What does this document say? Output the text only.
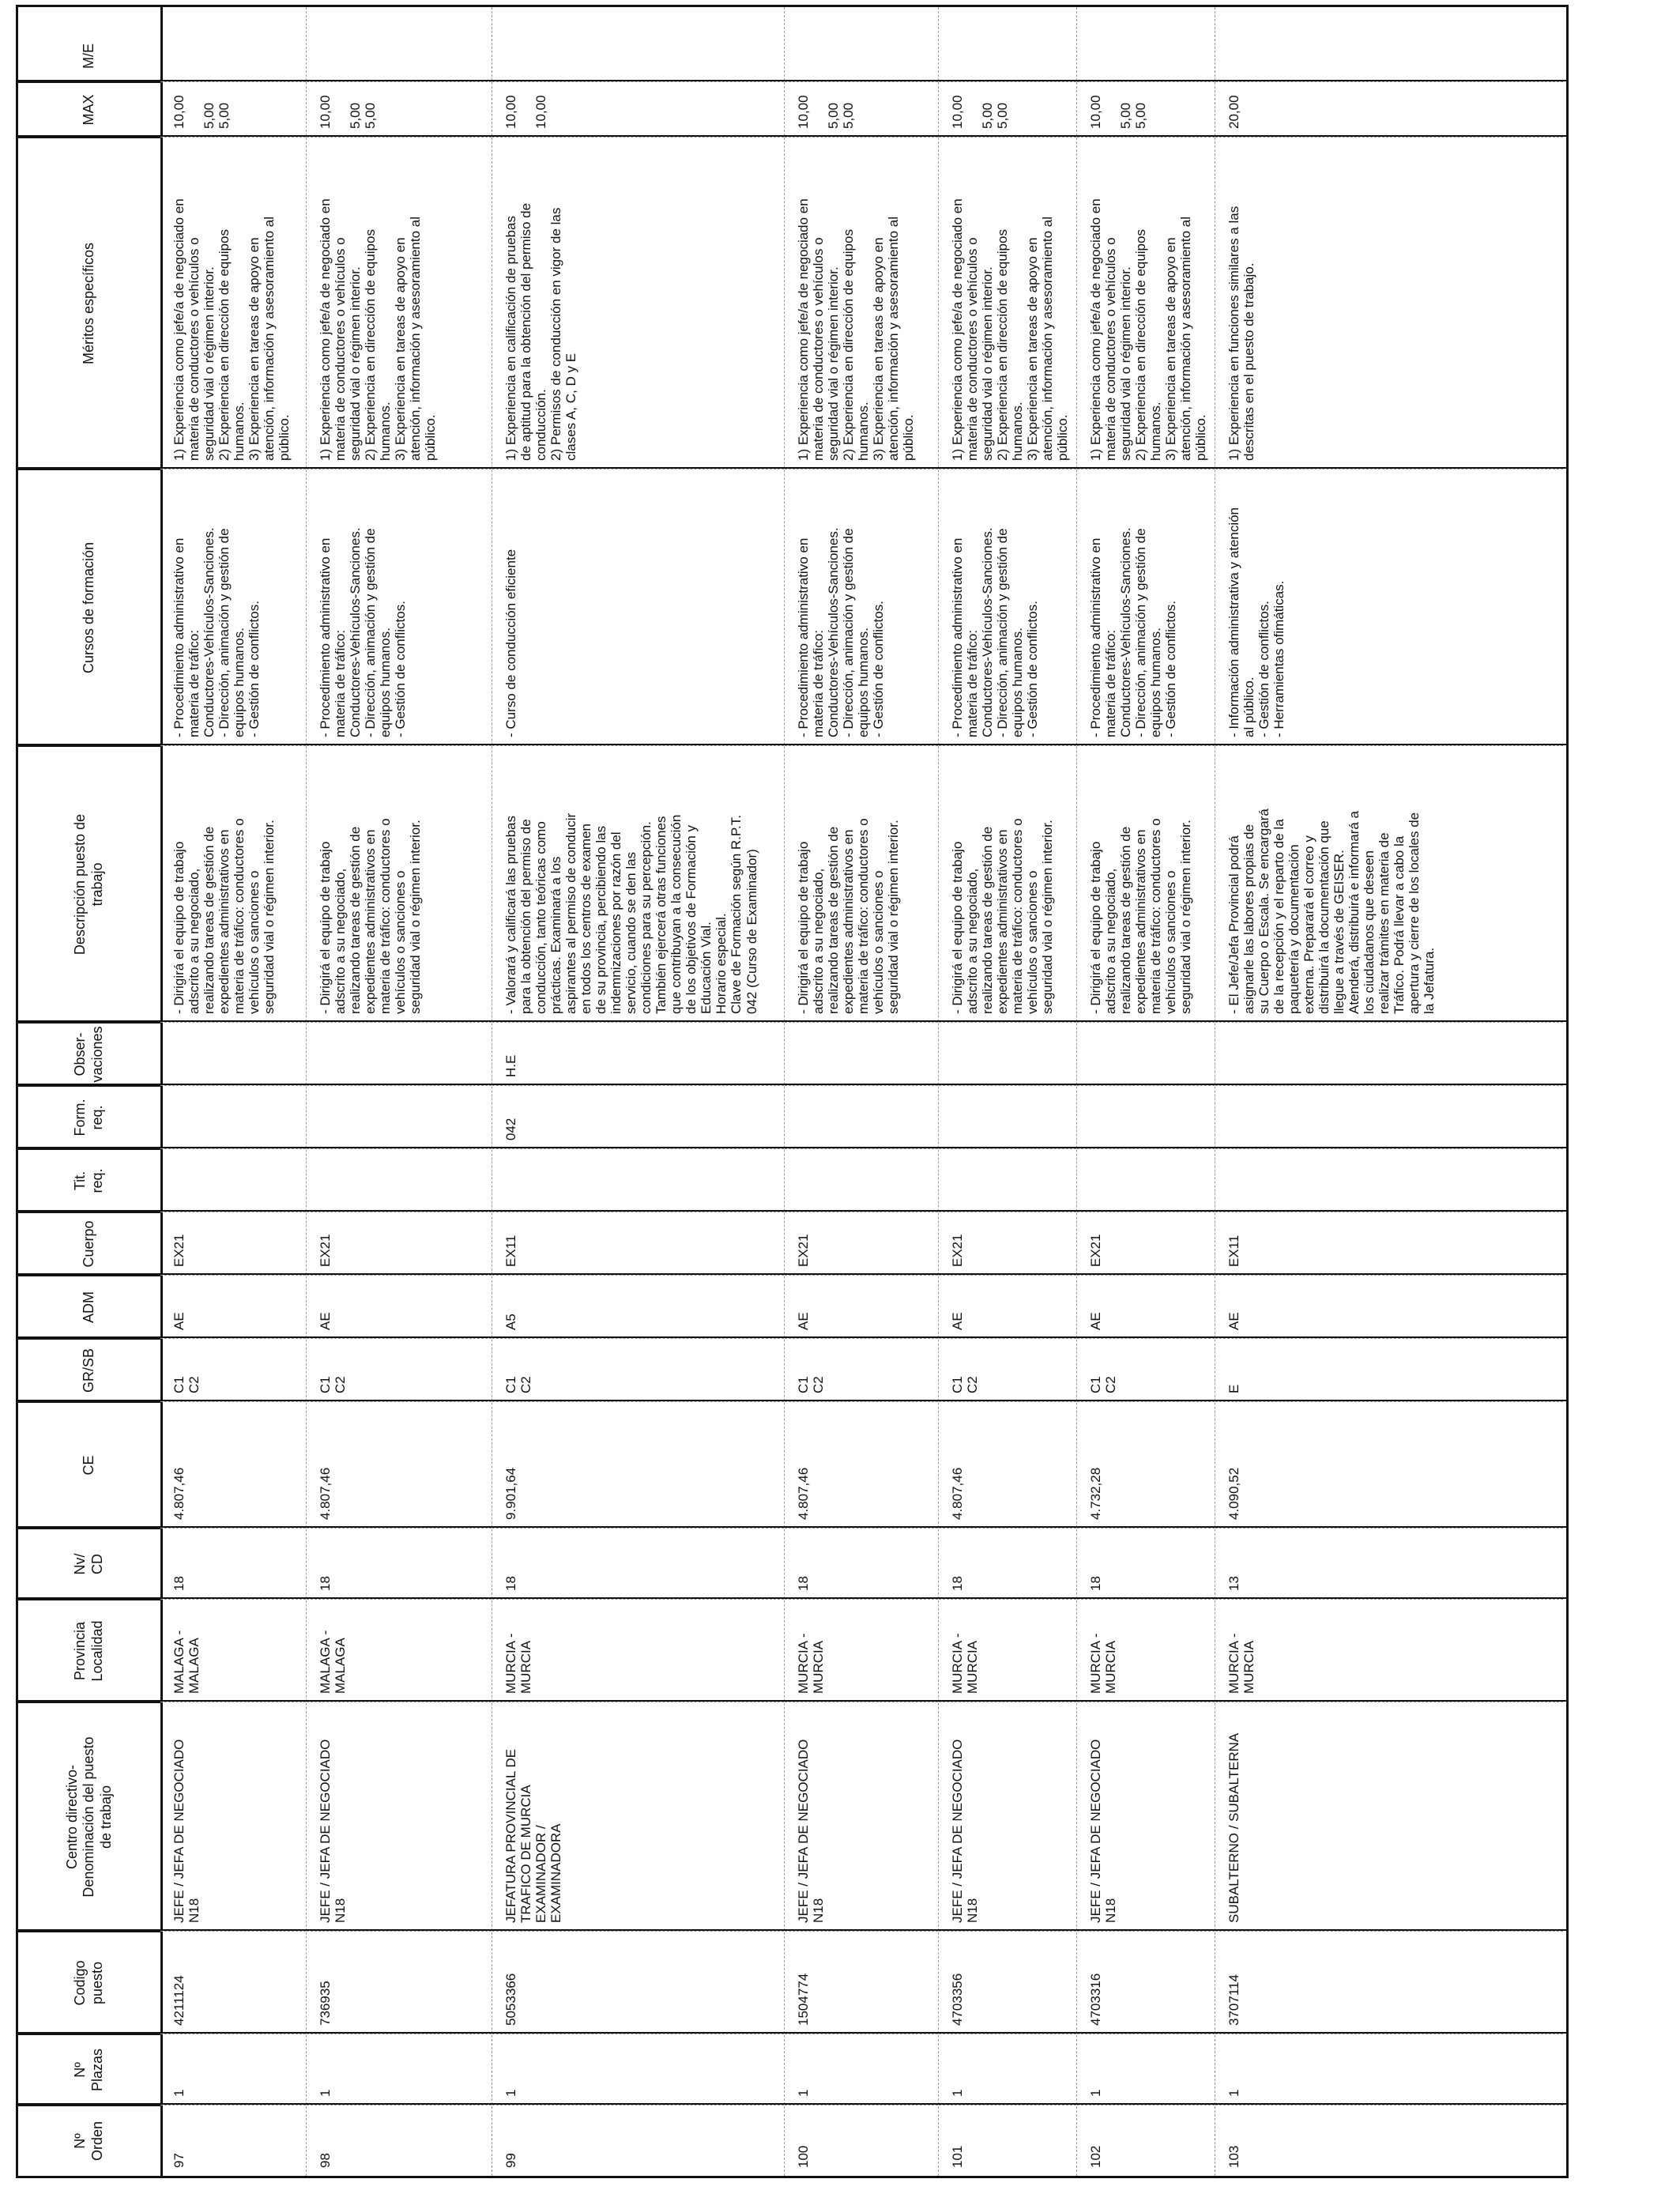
Nº
Orden
Nº
Plazas
Codigo
puesto
Centro directivo-
Denominación del puesto
de trabajo
Provincia
Localidad
Nv/
CD
CE
GR/SB
ADM
Cuerpo
Tit.
req.
Form.
req.
Obser-
vaciones
Descripción puesto de
trabajo
Cursos de formación
Méritos específicos
MAX
M/E
97
1
4211124
JEFE / JEFA DE NEGOCIADO
N18
MALAGA -
MALAGA
18
4.807,46
C1
C2
AE
EX21
- Dirigirá el equipo de trabajo
adscrito a su negociado,
realizando tareas de gestión de
expedientes administrativos en
materia de tráfico: conductores o
vehículos o sanciones o
seguridad vial o régimen interior.
- Procedimiento administrativo en
materia de tráfico:
Conductores-Vehículos-Sanciones.
- Dirección, animación y gestión de
equipos humanos.
- Gestión de conflictos.
1) Experiencia como jefe/a de negociado en
materia de conductores o vehículos o
seguridad vial o régimen interior.
2) Experiencia en dirección de equipos
humanos.
3) Experiencia en tareas de apoyo en
atención, información y asesoramiento al
público.
10,00

5,00
5,00
98
1
736935
JEFE / JEFA DE NEGOCIADO
N18
MALAGA -
MALAGA
18
4.807,46
C1
C2
AE
EX21
- Dirigirá el equipo de trabajo
adscrito a su negociado,
realizando tareas de gestión de
expedientes administrativos en
materia de tráfico: conductores o
vehículos o sanciones o
seguridad vial o régimen interior.
- Procedimiento administrativo en
materia de tráfico:
Conductores-Vehículos-Sanciones.
- Dirección, animación y gestión de
equipos humanos.
- Gestión de conflictos.
1) Experiencia como jefe/a de negociado en
materia de conductores o vehículos o
seguridad vial o régimen interior.
2) Experiencia en dirección de equipos
humanos.
3) Experiencia en tareas de apoyo en
atención, información y asesoramiento al
público.
10,00

5,00
5,00
99
1
5053366
JEFATURA PROVINCIAL DE
TRAFICO DE MURCIA
EXAMINADOR /
EXAMINADORA
MURCIA -
MURCIA
18
9.901,64
C1
C2
A5
EX11
042
H.E
- Valorará y calificará las pruebas
para la obtención del permiso de
conducción, tanto teóricas como
prácticas. Examinará a los
aspirantes al permiso de conducir
en todos los centros de examen
de su provincia, percibiendo las
indemnizaciones por razón del
servicio, cuando se den las
condiciones para su percepción.
También ejercerá otras funciones
que contribuyan a la consecución
de los objetivos de Formación y
Educación Vial.
Horario especial.
Clave de Formación según R.P.T.
042 (Curso de Examinador)
- Curso de conducción eficiente
1) Experiencia en calificación de pruebas
de aptitud para la obtención del permiso de
conducción.
2) Permisos de conducción en vigor de las
clases A, C, D y E
10,00

10,00
100
1
1504774
JEFE / JEFA DE NEGOCIADO
N18
MURCIA -
MURCIA
18
4.807,46
C1
C2
AE
EX21
- Dirigirá el equipo de trabajo
adscrito a su negociado,
realizando tareas de gestión de
expedientes administrativos en
materia de tráfico: conductores o
vehículos o sanciones o
seguridad vial o régimen interior.
- Procedimiento administrativo en
materia de tráfico:
Conductores-Vehículos-Sanciones.
- Dirección, animación y gestión de
equipos humanos.
- Gestión de conflictos.
1) Experiencia como jefe/a de negociado en
materia de conductores o vehículos o
seguridad vial o régimen interior.
2) Experiencia en dirección de equipos
humanos.
3) Experiencia en tareas de apoyo en
atención, información y asesoramiento al
público.
10,00

5,00
5,00
101
1
4703356
JEFE / JEFA DE NEGOCIADO
N18
MURCIA -
MURCIA
18
4.807,46
C1
C2
AE
EX21
- Dirigirá el equipo de trabajo
adscrito a su negociado,
realizando tareas de gestión de
expedientes administrativos en
materia de tráfico: conductores o
vehículos o sanciones o
seguridad vial o régimen interior.
- Procedimiento administrativo en
materia de tráfico:
Conductores-Vehículos-Sanciones.
- Dirección, animación y gestión de
equipos humanos.
- Gestión de conflictos.
1) Experiencia como jefe/a de negociado en
materia de conductores o vehículos o
seguridad vial o régimen interior.
2) Experiencia en dirección de equipos
humanos.
3) Experiencia en tareas de apoyo en
atención, información y asesoramiento al
público.
10,00

5,00
5,00
102
1
4703316
JEFE / JEFA DE NEGOCIADO
N18
MURCIA -
MURCIA
18
4.732,28
C1
C2
AE
EX21
- Dirigirá el equipo de trabajo
adscrito a su negociado,
realizando tareas de gestión de
expedientes administrativos en
materia de tráfico: conductores o
vehículos o sanciones o
seguridad vial o régimen interior.
- Procedimiento administrativo en
materia de tráfico:
Conductores-Vehículos-Sanciones.
- Dirección, animación y gestión de
equipos humanos.
- Gestión de conflictos.
1) Experiencia como jefe/a de negociado en
materia de conductores o vehículos o
seguridad vial o régimen interior.
2) Experiencia en dirección de equipos
humanos.
3) Experiencia en tareas de apoyo en
atención, información y asesoramiento al
público.
10,00

5,00
5,00
103
1
3707114
SUBALTERNO / SUBALTERNA
MURCIA -
MURCIA
13
4.090,52
E
AE
EX11
- El Jefe/Jefa Provincial podrá
asignarle las labores propias de
su Cuerpo o Escala. Se encargará
de la recepción y el reparto de la
paquetería y documentación
externa. Preparará el correo y
distribuirá la documentación que
llegue a través de GEISER.
Atenderá, distribuirá e informará a
los ciudadanos que deseen
realizar trámites en materia de
Tráfico. Podrá llevar a cabo la
apertura y cierre de los locales de
la Jefatura.
- Información administrativa y atención
al público.
- Gestión de conflictos.
- Herramientas ofimáticas.
1) Experiencia en funciones similares a las
descritas en el puesto de trabajo.
20,00
